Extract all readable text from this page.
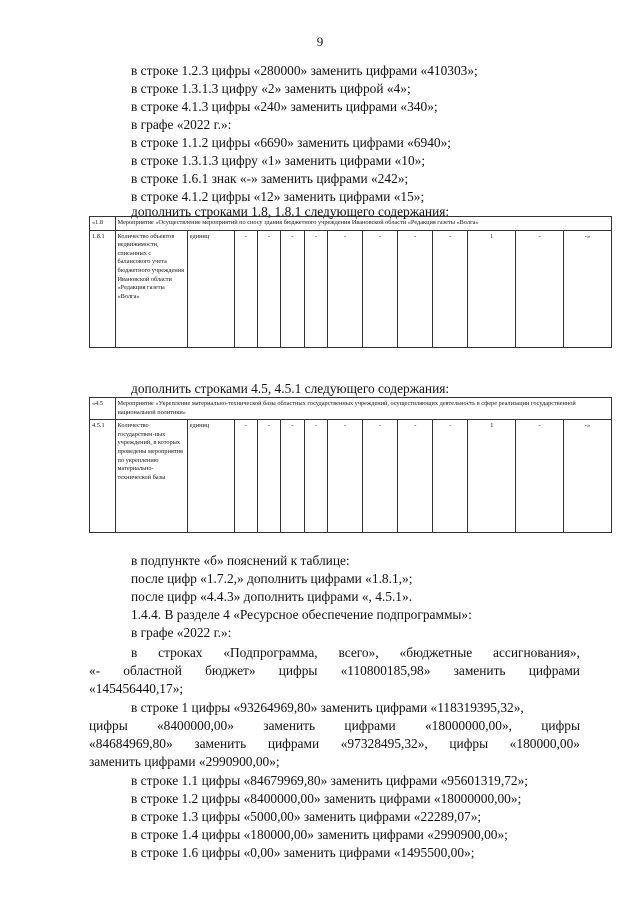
9
в строке 1.2.3 цифры «280000» заменить цифрами «410303»;
в строке 1.3.1.3 цифру «2» заменить цифрой «4»;
в строке 4.1.3 цифры «240» заменить цифрами «340»;
в графе «2022 г.»:
в строке 1.1.2 цифры «6690» заменить цифрами «6940»;
в строке 1.3.1.3 цифру «1» заменить цифрами «10»;
в строке 1.6.1 знак «-» заменить цифрами «242»;
в строке 4.1.2 цифры «12» заменить цифрами «15»;
дополнить строками 1.8, 1.8.1 следующего содержания:
«1.8	Мероприятие «Осуществление мероприятий по сносу здания бюджетного учреждения Ивановской области «Редакция газеты «Волга»												
1.8.1	Количество объектов недвижимости, списанных с балансового учета бюджетного учреждения Ивановской области «Редакция газеты «Волга»	единиц	-	-	-	-	-	-	-	-	1	-	-»
дополнить строками 4.5, 4.5.1 следующего содержания:
«4.5	Мероприятие «Укрепление материально-технической базы областных государственных учреждений, осуществляющих деятельность в сфере реализации государственной национальной политики»												
4.5.1	Количество государствен-ных учреждений, в которых проведены мероприятия по укреплению материально-технической базы	единиц	-	-	-	-	-	-	-	-	1	-	-»
в подпункте «б» пояснений к таблице:
после цифр «1.7.2,» дополнить цифрами «1.8.1,»;
после цифр «4.4.3» дополнить цифрами «, 4.5.1».
1.4.4. В разделе 4 «Ресурсное обеспечение подпрограммы»:
в графе «2022 г.»:
в строках «Подпрограмма, всего», «бюджетные ассигнования»,
«- областной бюджет» цифры «110800185,98» заменить цифрами
«145456440,17»;
в строке 1 цифры «93264969,80» заменить цифрами «118319395,32»,
цифры «8400000,00» заменить цифрами «18000000,00», цифры
«84684969,80» заменить цифрами «97328495,32», цифры «180000,00»
заменить цифрами «2990900,00»;
в строке 1.1 цифры «84679969,80» заменить цифрами «95601319,72»;
в строке 1.2 цифры «8400000,00» заменить цифрами «18000000,00»;
в строке 1.3 цифры «5000,00» заменить цифрами «22289,07»;
в строке 1.4 цифры «180000,00» заменить цифрами «2990900,00»;
в строке 1.6 цифры «0,00» заменить цифрами «1495500,00»;
